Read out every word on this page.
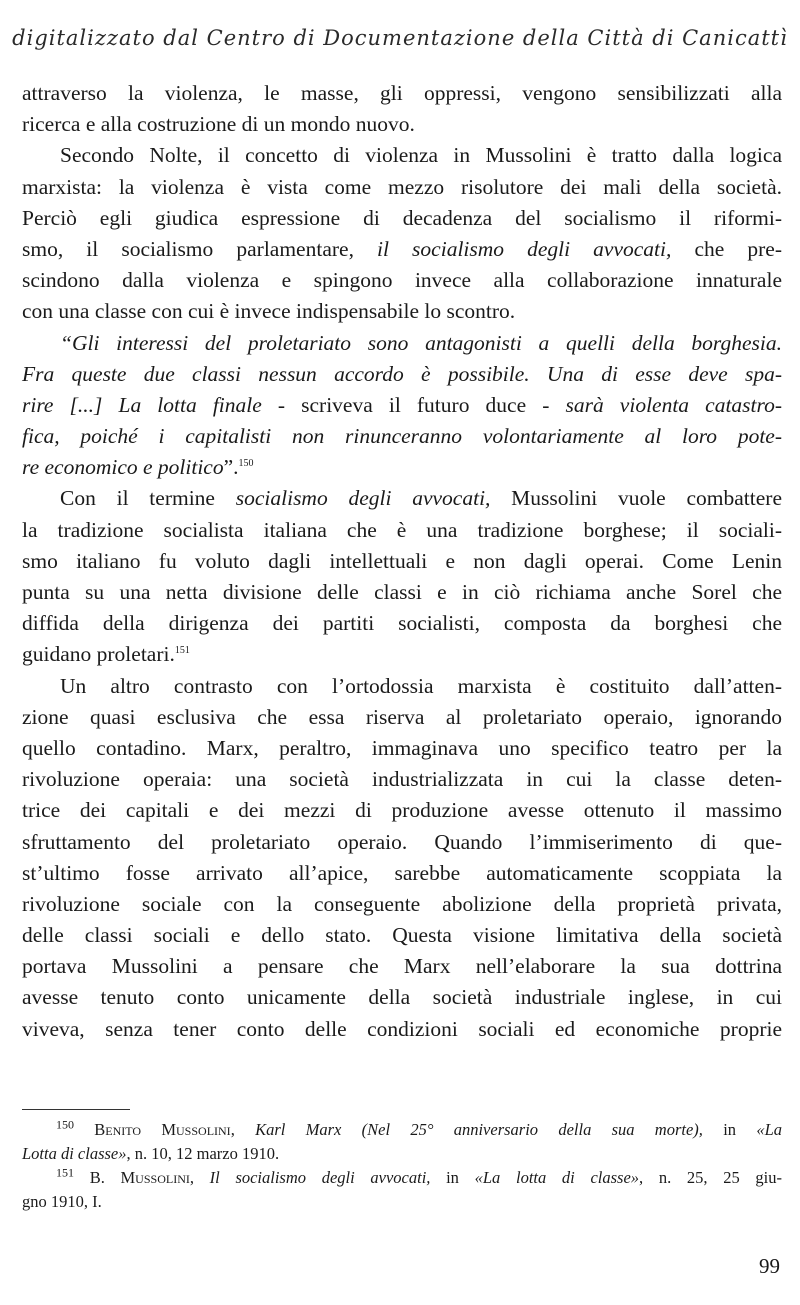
digitalizzato dal Centro di Documentazione della Città di Canicattì
attraverso la violenza, le masse, gli oppressi, vengono sensibilizzati alla
ricerca e alla costruzione di un mondo nuovo.
Secondo Nolte, il concetto di violenza in Mussolini è tratto dalla logica
marxista: la violenza è vista come mezzo risolutore dei mali della società.
Perciò egli giudica espressione di decadenza del socialismo il riformi-
smo, il socialismo parlamentare, il socialismo degli avvocati, che pre-
scindono dalla violenza e spingono invece alla collaborazione innaturale
con una classe con cui è invece indispensabile lo scontro.
“Gli interessi del proletariato sono antagonisti a quelli della borghesia.
Fra queste due classi nessun accordo è possibile. Una di esse deve spa-
rire [...] La lotta finale - scriveva il futuro duce - sarà violenta catastro-
fica, poiché i capitalisti non rinunceranno volontariamente al loro pote-
re economico e politico”.$^{150}$
Con il termine socialismo degli avvocati, Mussolini vuole combattere
la tradizione socialista italiana che è una tradizione borghese; il sociali-
smo italiano fu voluto dagli intellettuali e non dagli operai. Come Lenin
punta su una netta divisione delle classi e in ciò richiama anche Sorel che
diffida della dirigenza dei partiti socialisti, composta da borghesi che
guidano proletari.$^{151}$
Un altro contrasto con l’ortodossia marxista è costituito dall’atten-
zione quasi esclusiva che essa riserva al proletariato operaio, ignorando
quello contadino. Marx, peraltro, immaginava uno specifico teatro per la
rivoluzione operaia: una società industrializzata in cui la classe deten-
trice dei capitali e dei mezzi di produzione avesse ottenuto il massimo
sfruttamento del proletariato operaio. Quando l’immiserimento di que-
st’ultimo fosse arrivato all’apice, sarebbe automaticamente scoppiata la
rivoluzione sociale con la conseguente abolizione della proprietà privata,
delle classi sociali e dello stato. Questa visione limitativa della società
portava Mussolini a pensare che Marx nell’elaborare la sua dottrina
avesse tenuto conto unicamente della società industriale inglese, in cui
viveva, senza tener conto delle condizioni sociali ed economiche proprie
$^{150}$ Benito Mussolini, Karl Marx (Nel 25° anniversario della sua morte), in «La
Lotta di classe», n. 10, 12 marzo 1910.
$^{151}$ B. Mussolini, Il socialismo degli avvocati, in «La lotta di classe», n. 25, 25 giu-
gno 1910, I.
99
